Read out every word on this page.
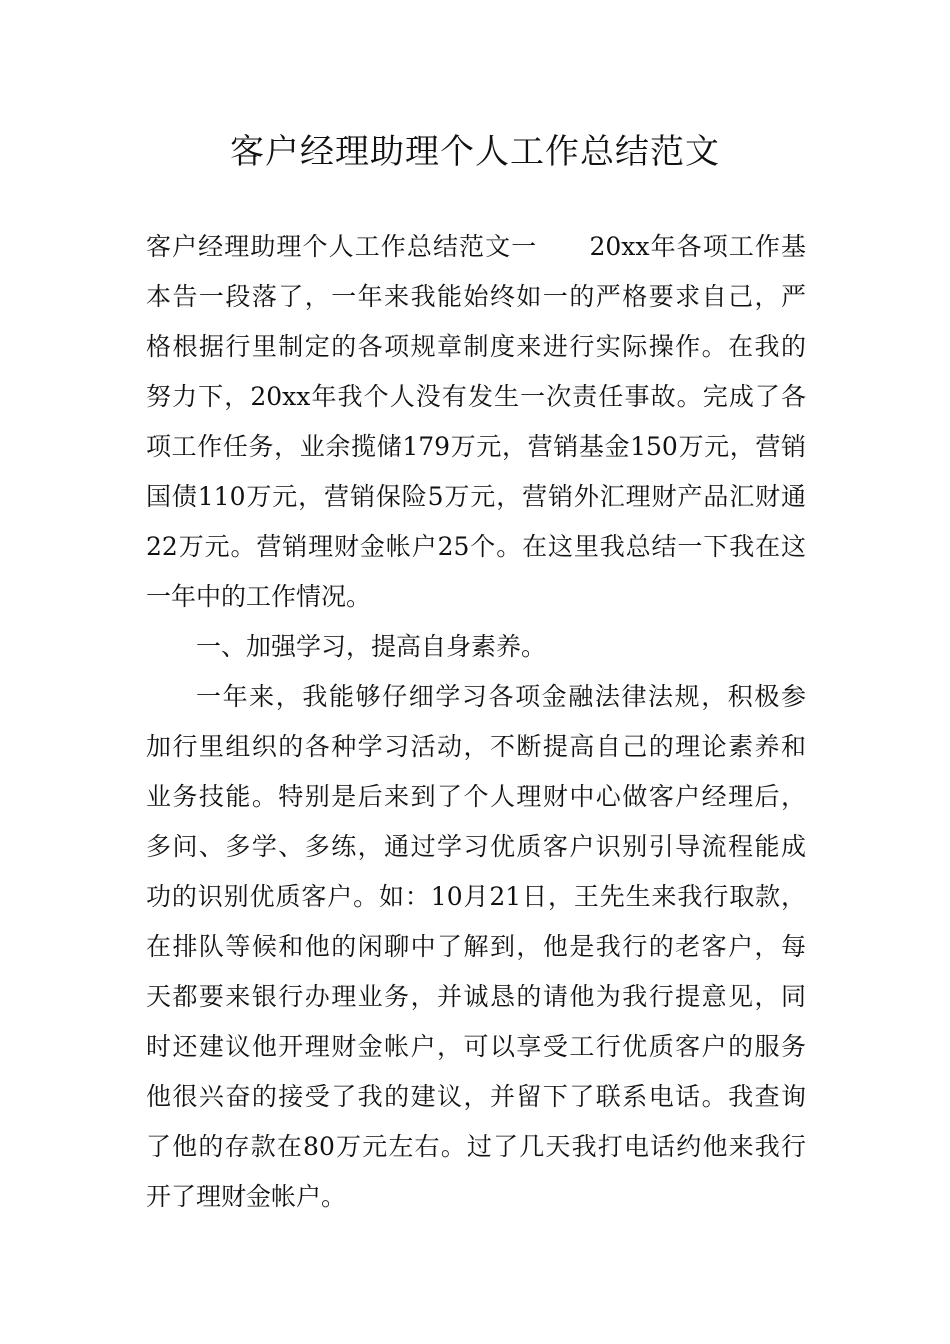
客户经理助理个人工作总结范文
客户经理助理个人工作总结范文一　　20xx年各项工作基
本告一段落了，一年来我能始终如一的严格要求自己，严
格根据行里制定的各项规章制度来进行实际操作。在我的
努力下，20xx年我个人没有发生一次责任事故。完成了各
项工作任务，业余揽储179万元，营销基金150万元，营销
国债110万元，营销保险5万元，营销外汇理财产品汇财通
22万元。营销理财金帐户25个。在这里我总结一下我在这
一年中的工作情况。
一、加强学习，提高自身素养。
一年来，我能够仔细学习各项金融法律法规，积极参
加行里组织的各种学习活动，不断提高自己的理论素养和
业务技能。特别是后来到了个人理财中心做客户经理后，
多问、多学、多练，通过学习优质客户识别引导流程能成
功的识别优质客户。如：10月21日，王先生来我行取款，
在排队等候和他的闲聊中了解到，他是我行的老客户，每
天都要来银行办理业务，并诚恳的请他为我行提意见，同
时还建议他开理财金帐户，可以享受工行优质客户的服务
他很兴奋的接受了我的建议，并留下了联系电话。我查询
了他的存款在80万元左右。过了几天我打电话约他来我行
开了理财金帐户。
